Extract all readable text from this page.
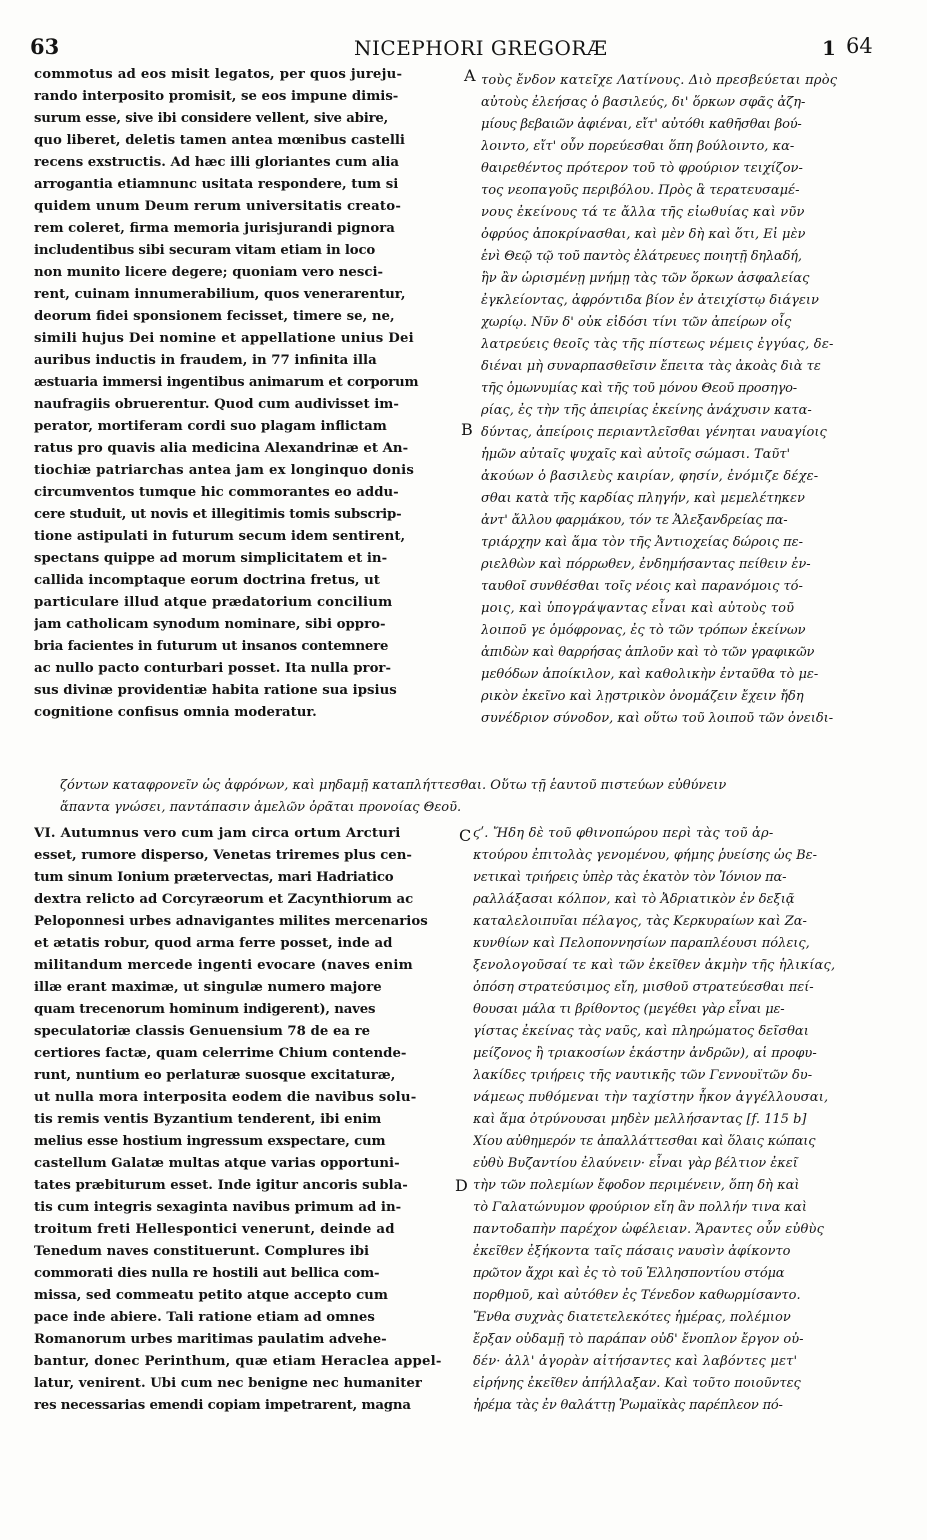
63	NICEPHORI GREGORÆ	1 64
A
B
C
D
commotus ad eos misit legatos, per quos jureju-
rando interposito promisit, se eos impune dimis-
surum esse, sive ibi considere vellent, sive abire,
quo liberet, deletis tamen antea mœnibus castelli
recens exstructis. Ad hæc illi gloriantes cum alia
arrogantia etiamnunc usitata respondere, tum si
quidem unum Deum rerum universitatis creato-
rem coleret, firma memoria jurisjurandi pignora
includentibus sibi securam vitam etiam in loco
non munito licere degere; quoniam vero nesci-
rent, cuinam innumerabilium, quos venerarentur,
deorum fidei sponsionem fecisset, timere se, ne,
simili hujus Dei nomine et appellatione unius Dei
auribus inductis in fraudem, in 77 infinita illa
æstuaria immersi ingentibus animarum et corporum
naufragiis obruerentur. Quod cum audivisset im-
perator, mortiferam cordi suo plagam inflictam
ratus pro quavis alia medicina Alexandrinæ et An-
tiochiæ patriarchas antea jam ex longinquo donis
circumventos tumque hic commorantes eo addu-
cere studuit, ut novis et illegitimis tomis subscrip-
tione astipulati in futurum secum idem sentirent,
spectans quippe ad morum simplicitatem et in-
callida incomptaque eorum doctrina fretus, ut
particulare illud atque prædatorium concilium
jam catholicam synodum nominare, sibi oppro-
bria facientes in futurum ut insanos contemnere
ac nullo pacto conturbari posset. Ita nulla pror-
sus divinæ providentiæ habita ratione sua ipsius
cognitione confisus omnia moderatur.
τοὺς ἔνδον κατεῖχε Λατίνους. Διὸ πρεσβεύεται πρὸς
αὐτοὺς ἐλεήσας ὁ βασιλεύς, δι' ὅρκων σφᾶς ἀζη-
μίους βεβαιῶν ἀφιέναι, εἴτ' αὐτόθι καθῆσθαι βού-
λοιντο, εἴτ' οὖν πορεύεσθαι ὅπη βούλοιντο, κα-
θαιρεθέντος πρότερον τοῦ τὸ φρούριον τειχίζον-
τος νεοπαγοῦς περιβόλου. Πρὸς ἃ τερατευσαμέ-
νους ἐκείνους τά τε ἄλλα τῆς εἰωθυίας καὶ νῦν
ὀφρύος ἀποκρίνασθαι, καὶ μὲν δὴ καὶ ὅτι, Εἰ μὲν
ἑνὶ Θεῷ τῷ τοῦ παντὸς ἐλάτρευες ποιητῇ δηλαδή,
ἣν ἂν ὡρισμένῃ μνήμῃ τὰς τῶν ὅρκων ἀσφαλείας
ἐγκλείοντας, ἀφρόντιδα βίον ἐν ἀτειχίστῳ διάγειν
χωρίῳ. Νῦν δ' οὐκ εἰδόσι τίνι τῶν ἀπείρων οἷς
λατρεύεις θεοῖς τὰς τῆς πίστεως νέμεις ἐγγύας, δε-
διέναι μὴ συναρπασθεῖσιν ἔπειτα τὰς ἀκοὰς διὰ τε
τῆς ὁμωνυμίας καὶ τῆς τοῦ μόνου Θεοῦ προσηγο-
ρίας, ἐς τὴν τῆς ἀπειρίας ἐκείνης ἀνάχυσιν κατα-
δύντας, ἀπείροις περιαντλεῖσθαι γένηται ναυαγίοις
ἡμῶν αὐταῖς ψυχαῖς καὶ αὐτοῖς σώμασι. Ταῦτ'
ἀκούων ὁ βασιλεὺς καιρίαν, φησίν, ἐνόμιζε δέχε-
σθαι κατὰ τῆς καρδίας πληγήν, καὶ μεμελέτηκεν
ἀντ' ἄλλου φαρμάκου, τόν τε Ἀλεξανδρείας πα-
τριάρχην καὶ ἅμα τὸν τῆς Ἀντιοχείας δώροις πε-
ριελθὼν καὶ πόρρωθεν, ἐνδημήσαντας πείθειν ἐν-
ταυθοῖ συνθέσθαι τοῖς νέοις καὶ παρανόμοις τό-
μοις, καὶ ὑπογράψαντας εἶναι καὶ αὐτοὺς τοῦ
λοιποῦ γε ὁμόφρονας, ἐς τὸ τῶν τρόπων ἐκείνων
ἀπιδὼν καὶ θαρρήσας ἁπλοῦν καὶ τὸ τῶν γραφικῶν
μεθόδων ἀποίκιλον, καὶ καθολικὴν ἐνταῦθα τὸ με-
ρικὸν ἐκεῖνο καὶ λῃστρικὸν ὀνομάζειν ἔχειν ἤδη
συνέδριον σύνοδον, καὶ οὕτω τοῦ λοιποῦ τῶν ὀνειδι-
ζόντων καταφρονεῖν ὡς ἀφρόνων, καὶ μηδαμῇ καταπλήττεσθαι. Οὕτω τῇ ἑαυτοῦ πιστεύων εὐθύνειν
ἅπαντα γνώσει, παντάπασιν ἀμελῶν ὁρᾶται προνοίας Θεοῦ.
VI. Autumnus vero cum jam circa ortum Arcturi
esset, rumore disperso, Venetas triremes plus cen-
tum sinum Ionium prætervectas, mari Hadriatico
dextra relicto ad Corcyræorum et Zacynthiorum ac
Peloponnesi urbes adnavigantes milites mercenarios
et ætatis robur, quod arma ferre posset, inde ad
militandum mercede ingenti evocare (naves enim
illæ erant maximæ, ut singulæ numero majore
quam trecenorum hominum indigerent), naves
speculatoriæ classis Genuensium 78 de ea re
certiores factæ, quam celerrime Chium contende-
runt, nuntium eo perlaturæ suosque excitaturæ,
ut nulla mora interposita eodem die navibus solu-
tis remis ventis Byzantium tenderent, ibi enim
melius esse hostium ingressum exspectare, cum
castellum Galatæ multas atque varias opportuni-
tates præbiturum esset. Inde igitur ancoris subla-
tis cum integris sexaginta navibus primum ad in-
troitum freti Hellespontici venerunt, deinde ad
Tenedum naves constituerunt. Complures ibi
commorati dies nulla re hostili aut bellica com-
missa, sed commeatu petito atque accepto cum
pace inde abiere. Tali ratione etiam ad omnes
Romanorum urbes maritimas paulatim advehe-
bantur, donec Perinthum, quæ etiam Heraclea appel-
latur, venirent. Ubi cum nec benigne nec humaniter
res necessarias emendi copiam impetrarent, magna
ϛʹ. Ἤδη δὲ τοῦ φθινοπώρου περὶ τὰς τοῦ ἀρ-
κτούρου ἐπιτολὰς γενομένου, φήμης ῥυείσης ὡς Βε-
νετικαὶ τριήρεις ὑπὲρ τὰς ἑκατὸν τὸν Ἰόνιον πα-
ραλλάξασαι κόλπον, καὶ τὸ Ἀδριατικὸν ἐν δεξιᾷ
καταλελοιπυῖαι πέλαγος, τὰς Κερκυραίων καὶ Ζα-
κυνθίων καὶ Πελοποννησίων παραπλέουσι πόλεις,
ξενολογοῦσαί τε καὶ τῶν ἐκεῖθεν ἀκμὴν τῆς ἡλικίας,
ὁπόση στρατεύσιμος εἴη, μισθοῦ στρατεύεσθαι πεί-
θουσαι μάλα τι βρίθοντος (μεγέθει γὰρ εἶναι με-
γίστας ἐκείνας τὰς ναῦς, καὶ πληρώματος δεῖσθαι
μείζονος ἢ τριακοσίων ἑκάστην ἀνδρῶν), αἱ προφυ-
λακίδες τριήρεις τῆς ναυτικῆς τῶν Γεννουϊτῶν δυ-
νάμεως πυθόμεναι τὴν ταχίστην ἧκον ἀγγέλλουσαι,
καὶ ἅμα ὀτρύνουσαι μηδὲν μελλήσαντας [f. 115 b]
Χίου αὐθημερόν τε ἀπαλλάττεσθαι καὶ ὅλαις κώπαις
εὐθὺ Βυζαντίου ἐλαύνειν· εἶναι γὰρ βέλτιον ἐκεῖ
τὴν τῶν πολεμίων ἔφοδον περιμένειν, ὅπη δὴ καὶ
τὸ Γαλατώνυμον φρούριον εἴη ἂν πολλήν τινα καὶ
παντοδαπὴν παρέχον ὠφέλειαν. Ἄραντες οὖν εὐθὺς
ἐκεῖθεν ἐξήκοντα ταῖς πάσαις ναυσὶν ἀφίκοντο
πρῶτον ἄχρι καὶ ἐς τὸ τοῦ Ἑλλησποντίου στόμα
πορθμοῦ, καὶ αὐτόθεν ἐς Τένεδον καθωρμίσαντο.
Ἔνθα συχνὰς διατετελεκότες ἡμέρας, πολέμιον
ἔρξαν οὐδαμῇ τὸ παράπαν οὐδ' ἔνοπλον ἔργον οὐ-
δέν· ἀλλ' ἀγορὰν αἰτήσαντες καὶ λαβόντες μετ'
εἰρήνης ἐκεῖθεν ἀπήλλαξαν. Καὶ τοῦτο ποιοῦντες
ἠρέμα τὰς ἐν θαλάττῃ Ῥωμαϊκὰς παρέπλεον πό-
